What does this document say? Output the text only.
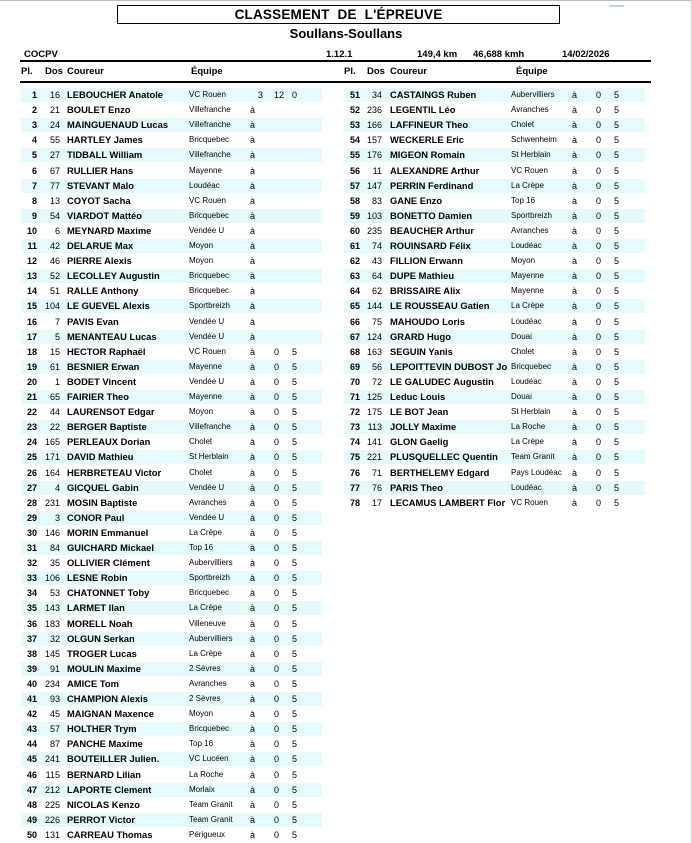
CLASSEMENT DE L'ÉPREUVE
Soullans-Soullans
COCPV	1.12.1	149,4 km 46,688 kmh	14/02/2026
Pl. Dos Coureur	Équipe	Pl. Dos Coureur	Équipe
1	16 LEBOUCHER Anatole	VC Rouen	3 12 0
2	21 BOULET Enzo	Villefranche à
3	24 MAINGUENAUD Lucas	Villefranche à
4	55 HARTLEY James	Bricquebec à
5	27 TIDBALL William	Villefranche à
6	67 RULLIER Hans	Mayenne	à
7	77 STEVANT Malo	Loudéac	à
8	13 COYOT Sacha	VC Rouen	à
9	54 VIARDOT Mattéo	Bricquebec à
10	6 MEYNARD Maxime	Vendée U	à
11	42 DELARUE Max	Moyon	à
12	46 PIERRE Alexis	Moyon	à
13	52 LECOLLEY Augustin	Bricquebec à
14	51 RALLE Anthony	Bricquebec à
15 104 LE GUEVEL Alexis	Sportbreizh à
16	7 PAVIS Evan	Vendée U	à
17	5 MENANTEAU Lucas	Vendée U	à
18	15 HECTOR Raphaël	VC Rouen	à 0 5
19	61 BESNIER Erwan	Mayenne	à 0 5
20	1 BODET Vincent	Vendée U	à 0 5
21	65 FAIRIER Theo	Mayenne	à 0 5
22	44 LAURENSOT Edgar	Moyon	à 0 5
23	22 BERGER Baptiste	Villefranche à 0 5
24 165 PERLEAUX Dorian	Cholet	à 0 5
25 171 DAVID Mathieu	St Herblain à 0 5
26 164 HERBRETEAU Victor	Cholet	à 0 5
27	4 GICQUEL Gabin	Vendée U	à 0 5
28 231 MOSIN Baptiste	Avranches	à 0 5
29	3 CONOR Paul	Vendée U	à 0 5
30 146 MORIN Emmanuel	La Crèpe	à 0 5
31	84 GUICHARD Mickael	Top 16	à 0 5
32	35 OLLIVIER Clément	Aubervilliers à 0 5
33 106 LESNE Robin	Sportbreizh à 0 5
34	53 CHATONNET Toby	Bricquebec à 0 5
35 143 LARMET Ilan	La Crèpe	à 0 5
36 183 MORELL Noah	Villeneuve	à 0 5
37	32 OLGUN Serkan	Aubervilliers à 0 5
38 145 TROGER Lucas	La Crèpe	à 0 5
39	91 MOULIN Maxime	2 Sèvres	à 0 5
40 234 AMICE Tom	Avranches	à 0 5
41	93 CHAMPION Alexis	2 Sèvres	à 0 5
42	45 MAIGNAN Maxence	Moyon	à 0 5
43	57 HOLTHER Trym	Bricquebec à 0 5
44	87 PANCHE Maxime	Top 16	à 0 5
45 241 BOUTEILLER Julien.	VC Lucéen à 0 5
46 115 BERNARD Lilian	La Roche	à 0 5
47 212 LAPORTE Clement	Morlaix	à 0 5
48 225 NICOLAS Kenzo	Team Granit à 0 5
49 226 PERROT Victor	Team Granit à 0 5
50 131 CARREAU Thomas	Périgueux	à 0 5
51	34 CASTAINGS Ruben	Aubervilliers à 0 5
52 236 LEGENTIL Léo	Avranches	à 0 5
53 166 LAFFINEUR Theo	Cholet	à 0 5
54 157 WECKERLE Eric	Schwenheim à 0 5
55 176 MIGEON Romain	St Herblain à 0 5
56	11 ALEXANDRE Arthur	VC Rouen	à 0 5
57 147 PERRIN Ferdinand	La Crèpe	à 0 5
58	83 GANE Enzo	Top 16	à 0 5
59 103 BONETTO Damien	Sportbreizh à 0 5
60 235 BEAUCHER Arthur	Avranches	à 0 5
61	74 ROUINSARD Félix	Loudéac	à 0 5
62	43 FILLION Erwann	Moyon	à 0 5
63	64 DUPE Mathieu	Mayenne	à 0 5
64	62 BRISSAIRE Alix	Mayenne	à 0 5
65 144 LE ROUSSEAU Gatien	La Crèpe	à 0 5
66	75 MAHOUDO Loris	Loudéac	à 0 5
67 124 GRARD Hugo	Douai	à 0 5
68 163 SEGUIN Yanis	Cholet	à 0 5
69	56 LEPOITTEVIN DUBOST Jo Bricquebec à 0 5
70	72 LE GALUDEC Augustin Loudéac	à 0 5
71 125 Leduc Louis	Douai	à 0 5
72 175 LE BOT Jean	St Herblain à 0 5
73 113 JOLLY Maxime	La Roche	à 0 5
74 141 GLON Gaelig	La Crèpe	à 0 5
75 221 PLUSQUELLEC Quentin Team Granit à 0 5
76	71 BERTHELEMY Edgard	Pays Loudéac à 0 5
77	76 PARIS Theo	Loudéac	à 0 5
78	17 LECAMUS LAMBERT Flor VC Rouen	à 0 5
